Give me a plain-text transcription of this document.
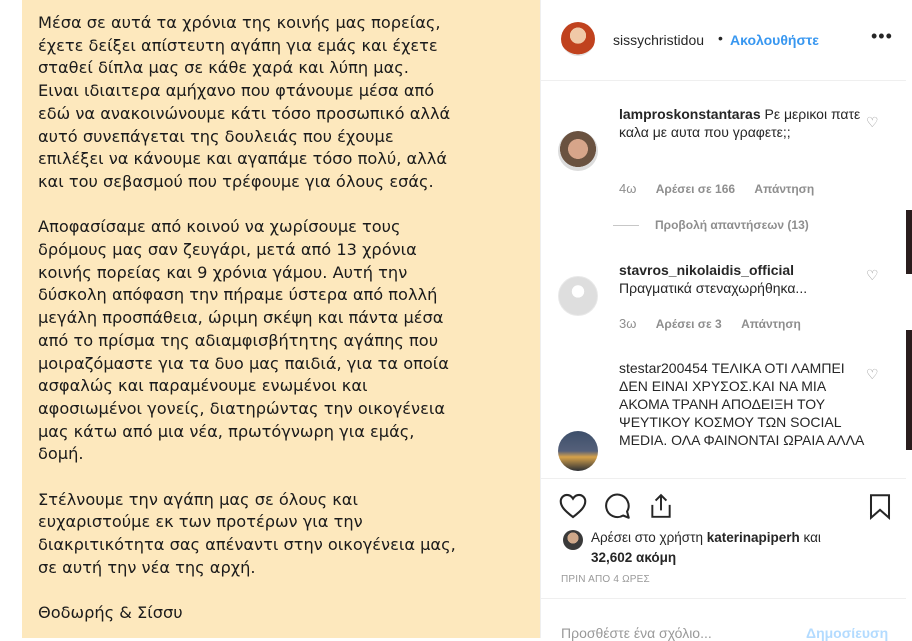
Μέσα σε αυτά τα χρόνια της κοινής μας πορείας,
έχετε δείξει απίστευτη αγάπη για εμάς και έχετε
σταθεί δίπλα μας σε κάθε χαρά και λύπη μας.
Ειναι ιδιαιτερα αμήχανο που φτάνουμε μέσα από
εδώ να ανακοινώνουμε κάτι τόσο προσωπικό αλλά
αυτό συνεπάγεται της δουλειάς που έχουμε
επιλέξει να κάνουμε και αγαπάμε τόσο πολύ, αλλά
και του σεβασμού που τρέφουμε για όλους εσάς.

Αποφασίσαμε από κοινού να χωρίσουμε τους
δρόμους μας σαν ζευγάρι, μετά από 13 χρόνια
κοινής πορείας και 9 χρόνια γάμου. Αυτή την
δύσκολη απόφαση την πήραμε ύστερα από πολλή
μεγάλη προσπάθεια, ώριμη σκέψη και πάντα μέσα
από το πρίσμα της αδιαμφισβήτητης αγάπης που
μοιραζόμαστε για τα δυο μας παιδιά, για τα οποία
ασφαλώς και παραμένουμε ενωμένοι και
αφοσιωμένοι γονείς, διατηρώντας την οικογένεια
μας κάτω από μια νέα, πρωτόγνωρη για εμάς,
δομή.

Στέλνουμε την αγάπη μας σε όλους και
ευχαριστούμε εκ των προτέρων για την
διακριτικότητα σας απέναντι στην οικογένεια μας,
σε αυτή την νέα της αρχή.

Θοδωρής & Σίσσυ

sissychristidou • Ακολουθήστε	•••
lamproskonstantaras Ρε μερικοι πατε καλα με αυτα που γραφετε;;
♡
4ω Αρέσει σε 166 Απάντηση
Προβολή απαντήσεων (13)
stavros_nikolaidis_official
Πραγματικά στεναχωρήθηκα...
♡
3ω Αρέσει σε 3 Απάντηση
stestar200454 ΤΕΛΙΚΑ ΟΤΙ ΛΑΜΠΕΙ ΔΕΝ ΕΙΝΑΙ ΧΡΥΣΟΣ.ΚΑΙ ΝΑ ΜΙΑ ΑΚΟΜΑ ΤΡΑΝΗ ΑΠΟΔΕΙΞΗ ΤΟΥ ΨΕΥΤΙΚΟΥ ΚΟΣΜΟΥ ΤΩΝ SOCIAL MEDIA. ΟΛΑ ΦΑΙΝΟΝΤΑΙ ΩΡΑΙΑ ΑΛΛΑ
♡
Αρέσει στο χρήστη katerinapiperh και
32,602 ακόμη
ΠΡΙΝ ΑΠΟ 4 ΩΡΕΣ
Προσθέστε ένα σχόλιο...	Δημοσίευση
